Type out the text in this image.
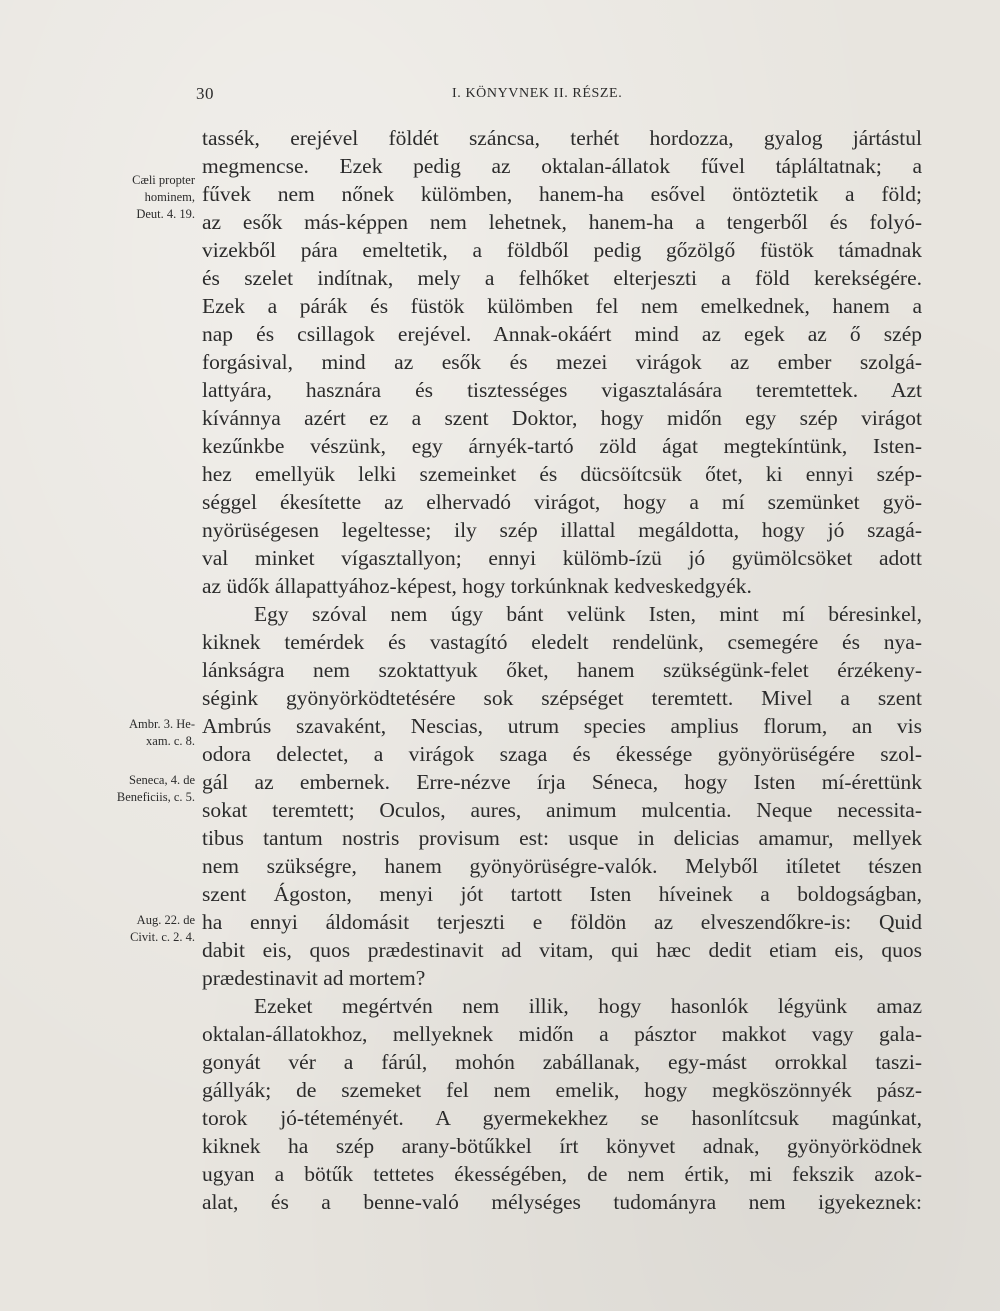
30	I. KÖNYVNEK II. RÉSZE.
Cæli propter
hominem,
Deut. 4. 19.
Ambr. 3. He-
xam. c. 8.
Seneca, 4. de
Beneficiis, c. 5.
Aug. 22. de
Civit. c. 2. 4.
tassék, erejével földét száncsa, terhét hordozza, gyalog jártástul
megmencse. Ezek pedig az oktalan-állatok fűvel tápláltatnak; a
fűvek nem nőnek külömben, hanem-ha esővel öntöztetik a föld;
az esők más-képpen nem lehetnek, hanem-ha a tengerből és folyó-
vizekből pára emeltetik, a földből pedig gőzölgő füstök támadnak
és szelet indítnak, mely a felhőket elterjeszti a föld kerekségére.
Ezek a párák és füstök külömben fel nem emelkednek, hanem a
nap és csillagok erejével. Annak-okáért mind az egek az ő szép
forgásival, mind az esők és mezei virágok az ember szolgá-
lattyára, hasznára és tisztességes vigasztalására teremtettek. Azt
kívánnya azért ez a szent Doktor, hogy midőn egy szép virágot
kezűnkbe vészünk, egy árnyék-tartó zöld ágat megtekíntünk, Isten-
hez emellyük lelki szemeinket és dücsöítcsük őtet, ki ennyi szép-
séggel ékesítette az elhervadó virágot, hogy a mí szemünket gyö-
nyörüségesen legeltesse; ily szép illattal megáldotta, hogy jó szagá-
val minket vígasztallyon; ennyi külömb-ízü jó gyümölcsöket adott
az üdők állapattyához-képest, hogy torkúnknak kedveskedgyék.
Egy szóval nem úgy bánt velünk Isten, mint mí béresinkel,
kiknek temérdek és vastagító eledelt rendelünk, csemegére és nya-
lánkságra nem szoktattyuk őket, hanem szükségünk-felet érzékeny-
ségink gyönyörködtetésére sok szépséget teremtett. Mivel a szent
Ambrús szavaként, Nescias, utrum species amplius florum, an vis
odora delectet, a virágok szaga és ékessége gyönyörüségére szol-
gál az embernek. Erre-nézve írja Séneca, hogy Isten mí-érettünk
sokat teremtett; Oculos, aures, animum mulcentia. Neque necessita-
tibus tantum nostris provisum est: usque in delicias amamur, mellyek
nem szükségre, hanem gyönyörüségre-valók. Melyből itíletet tészen
szent Ágoston, menyi jót tartott Isten híveinek a boldogságban,
ha ennyi áldomásit terjeszti e földön az elveszendőkre-is: Quid
dabit eis, quos prædestinavit ad vitam, qui hæc dedit etiam eis, quos
prædestinavit ad mortem?
Ezeket megértvén nem illik, hogy hasonlók légyünk amaz
oktalan-állatokhoz, mellyeknek midőn a pásztor makkot vagy gala-
gonyát vér a fárúl, mohón zabállanak, egy-mást orrokkal taszi-
gállyák; de szemeket fel nem emelik, hogy megköszönnyék pász-
torok jó-téteményét. A gyermekekhez se hasonlítcsuk magúnkat,
kiknek ha szép arany-bötűkkel írt könyvet adnak, gyönyörködnek
ugyan a bötűk tettetes ékességében, de nem értik, mi fekszik azok-
alat, és a benne-való mélységes tudományra nem igyekeznek:
